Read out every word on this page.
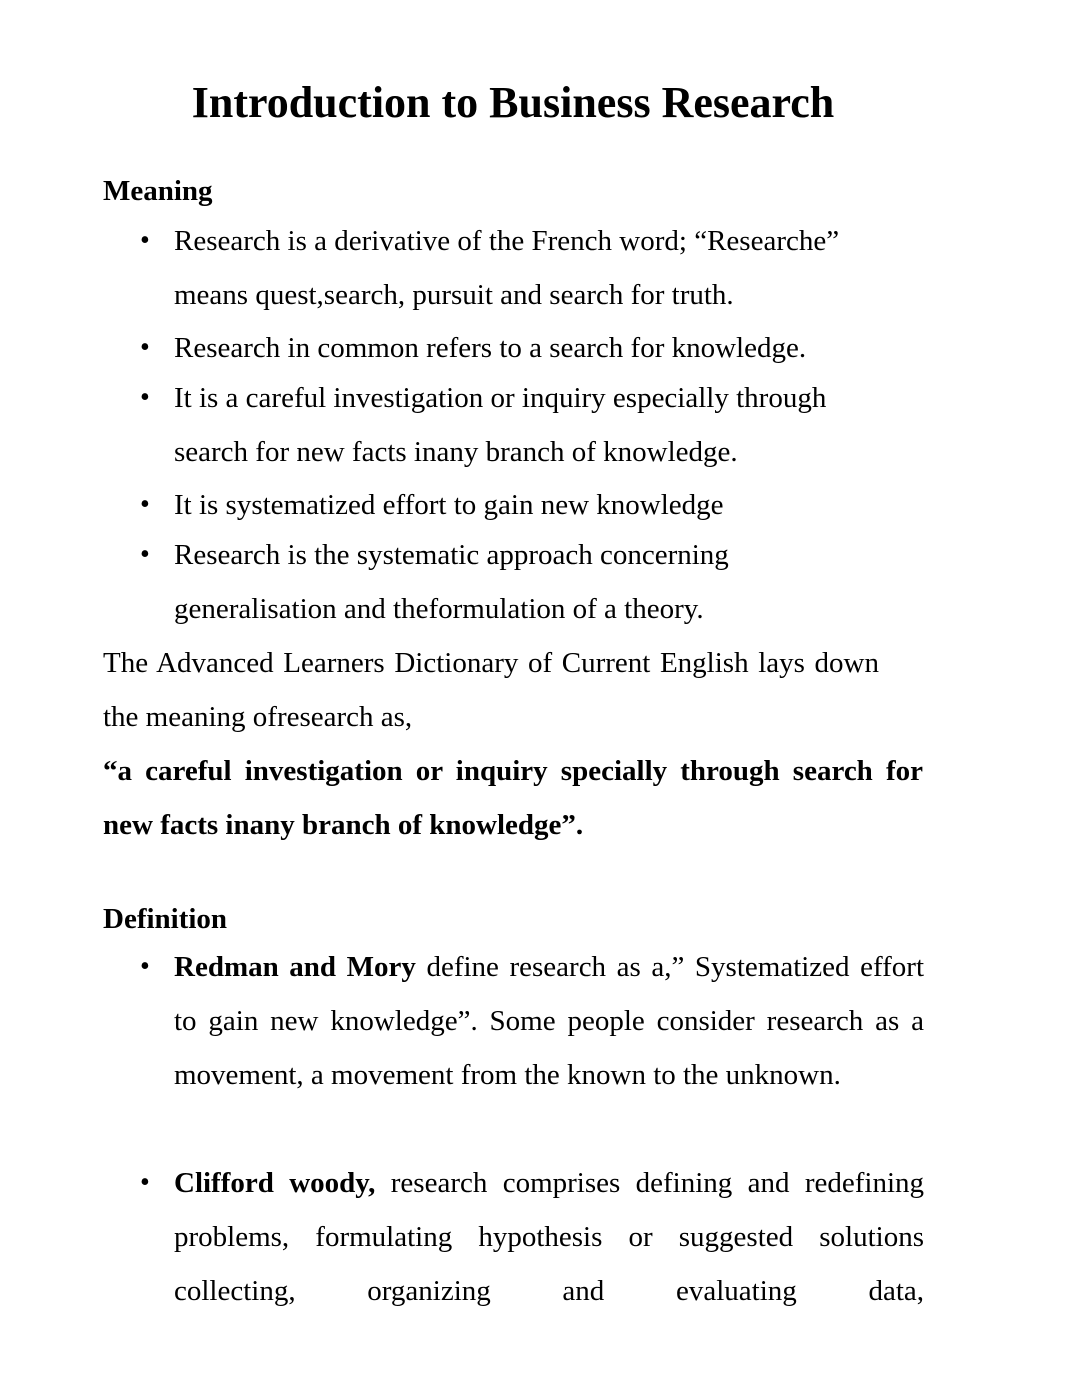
Introduction to Business Research
Meaning
• Research is a derivative of the French word; “Researche”
means quest,search, pursuit and search for truth.
• Research in common refers to a search for knowledge.
• It is a careful investigation or inquiry especially through
search for new facts inany branch of knowledge.
• It is systematized effort to gain new knowledge
• Research is the systematic approach concerning
generalisation and theformulation of a theory.

The Advanced Learners Dictionary of Current English lays down the meaning ofresearch as,

“a careful investigation or inquiry specially through search for new facts inany branch of knowledge”.

Definition
• Redman and Mory define research as a,” Systematized effort to gain new knowledge”. Some people consider research as a movement, a movement from the known to the unknown.

• Clifford woody, research comprises defining and redefining problems, formulating hypothesis or suggested solutions collecting, organizing and evaluating data,
